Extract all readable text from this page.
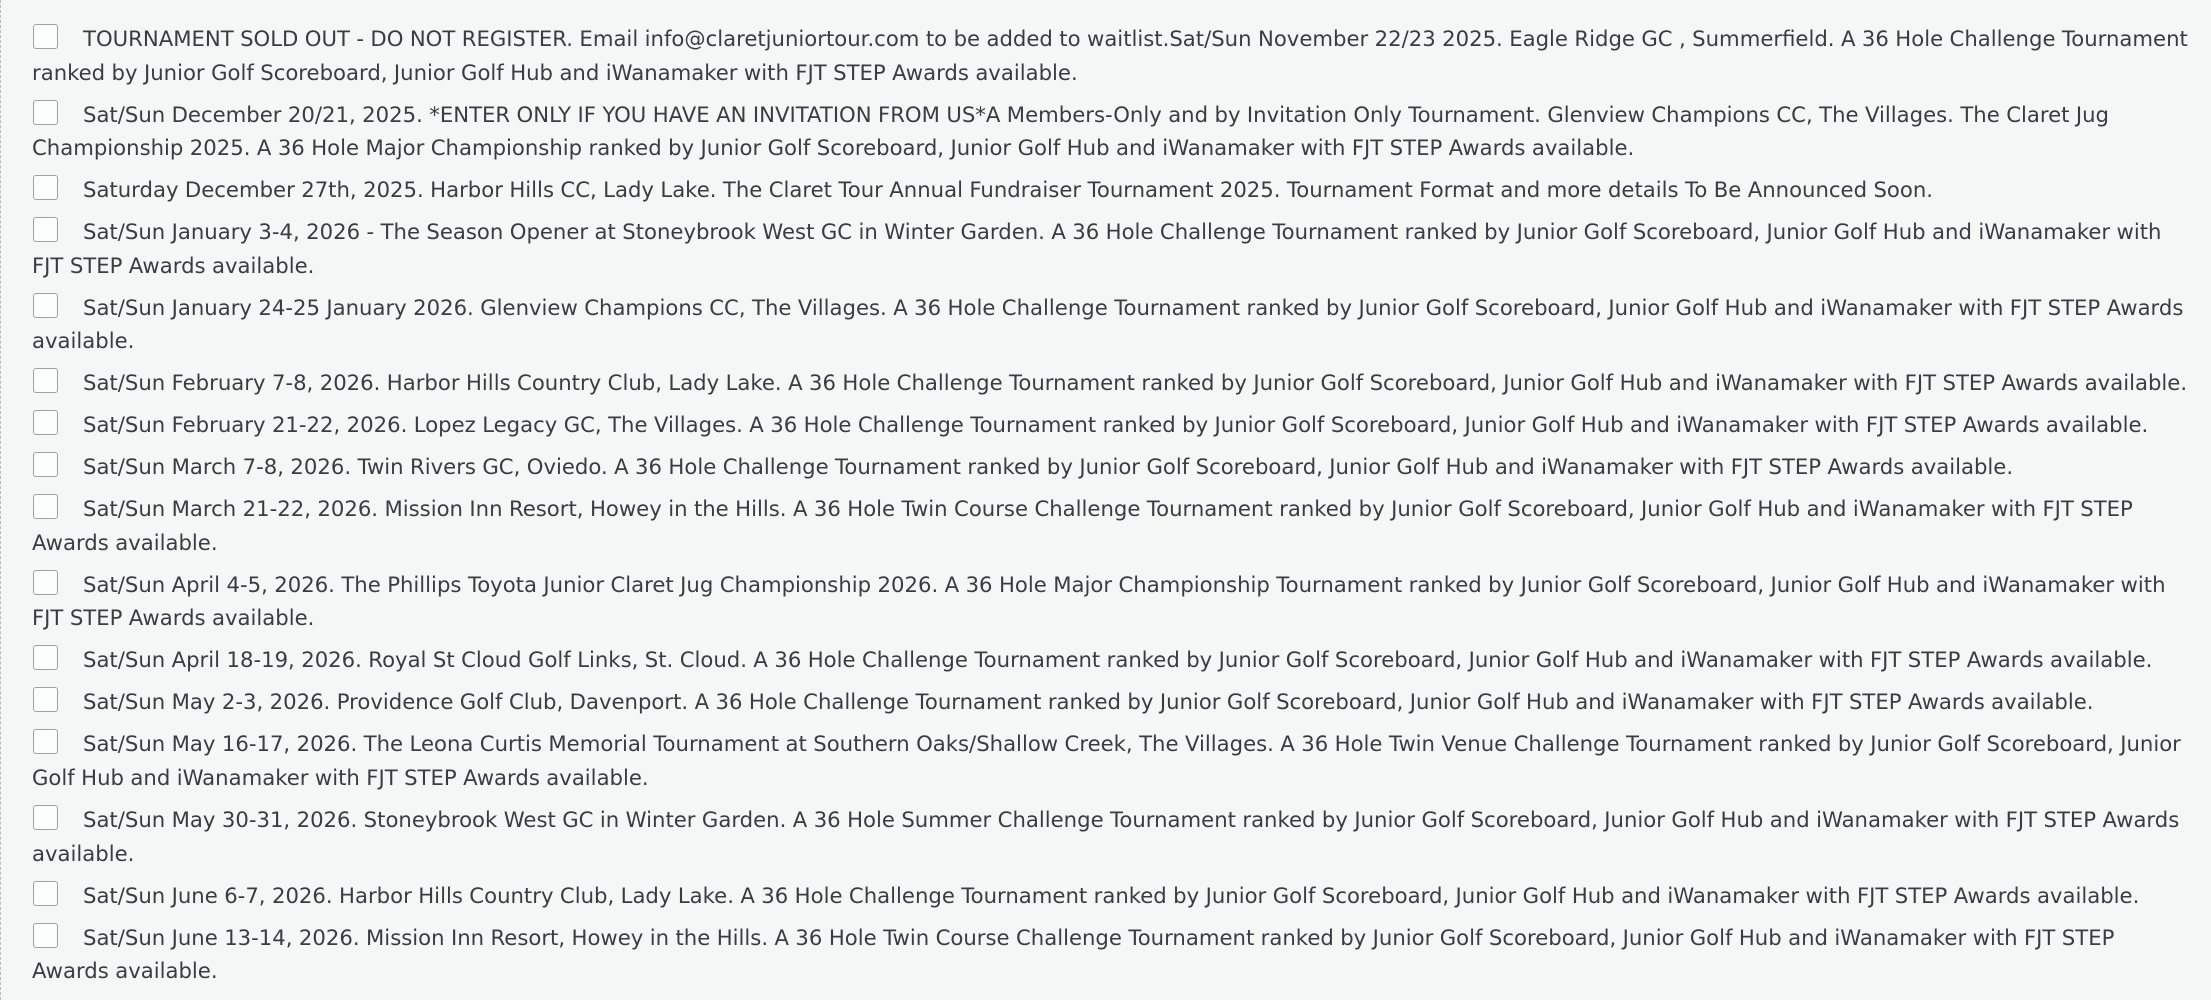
TOURNAMENT SOLD OUT - DO NOT REGISTER. Email info@claretjuniortour.com to be added to waitlist.Sat/Sun November 22/23 2025. Eagle Ridge GC , Summerfield. A 36 Hole Challenge Tournament ranked by Junior Golf Scoreboard, Junior Golf Hub and iWanamaker with FJT STEP Awards available.
Sat/Sun December 20/21, 2025. *ENTER ONLY IF YOU HAVE AN INVITATION FROM US*A Members-Only and by Invitation Only Tournament. Glenview Champions CC, The Villages. The Claret Jug Championship 2025. A 36 Hole Major Championship ranked by Junior Golf Scoreboard, Junior Golf Hub and iWanamaker with FJT STEP Awards available.
Saturday December 27th, 2025. Harbor Hills CC, Lady Lake. The Claret Tour Annual Fundraiser Tournament 2025. Tournament Format and more details To Be Announced Soon.
Sat/Sun January 3-4, 2026 - The Season Opener at Stoneybrook West GC in Winter Garden. A 36 Hole Challenge Tournament ranked by Junior Golf Scoreboard, Junior Golf Hub and iWanamaker with FJT STEP Awards available.
Sat/Sun January 24-25 January 2026. Glenview Champions CC, The Villages. A 36 Hole Challenge Tournament ranked by Junior Golf Scoreboard, Junior Golf Hub and iWanamaker with FJT STEP Awards available.
Sat/Sun February 7-8, 2026. Harbor Hills Country Club, Lady Lake. A 36 Hole Challenge Tournament ranked by Junior Golf Scoreboard, Junior Golf Hub and iWanamaker with FJT STEP Awards available.
Sat/Sun February 21-22, 2026. Lopez Legacy GC, The Villages. A 36 Hole Challenge Tournament ranked by Junior Golf Scoreboard, Junior Golf Hub and iWanamaker with FJT STEP Awards available.
Sat/Sun March 7-8, 2026. Twin Rivers GC, Oviedo. A 36 Hole Challenge Tournament ranked by Junior Golf Scoreboard, Junior Golf Hub and iWanamaker with FJT STEP Awards available.
Sat/Sun March 21-22, 2026. Mission Inn Resort, Howey in the Hills. A 36 Hole Twin Course Challenge Tournament ranked by Junior Golf Scoreboard, Junior Golf Hub and iWanamaker with FJT STEP Awards available.
Sat/Sun April 4-5, 2026. The Phillips Toyota Junior Claret Jug Championship 2026. A 36 Hole Major Championship Tournament ranked by Junior Golf Scoreboard, Junior Golf Hub and iWanamaker with FJT STEP Awards available.
Sat/Sun April 18-19, 2026. Royal St Cloud Golf Links, St. Cloud. A 36 Hole Challenge Tournament ranked by Junior Golf Scoreboard, Junior Golf Hub and iWanamaker with FJT STEP Awards available.
Sat/Sun May 2-3, 2026. Providence Golf Club, Davenport. A 36 Hole Challenge Tournament ranked by Junior Golf Scoreboard, Junior Golf Hub and iWanamaker with FJT STEP Awards available.
Sat/Sun May 16-17, 2026. The Leona Curtis Memorial Tournament at Southern Oaks/Shallow Creek, The Villages. A 36 Hole Twin Venue Challenge Tournament ranked by Junior Golf Scoreboard, Junior Golf Hub and iWanamaker with FJT STEP Awards available.
Sat/Sun May 30-31, 2026. Stoneybrook West GC in Winter Garden. A 36 Hole Summer Challenge Tournament ranked by Junior Golf Scoreboard, Junior Golf Hub and iWanamaker with FJT STEP Awards available.
Sat/Sun June 6-7, 2026. Harbor Hills Country Club, Lady Lake. A 36 Hole Challenge Tournament ranked by Junior Golf Scoreboard, Junior Golf Hub and iWanamaker with FJT STEP Awards available.
Sat/Sun June 13-14, 2026. Mission Inn Resort, Howey in the Hills. A 36 Hole Twin Course Challenge Tournament ranked by Junior Golf Scoreboard, Junior Golf Hub and iWanamaker with FJT STEP Awards available.
